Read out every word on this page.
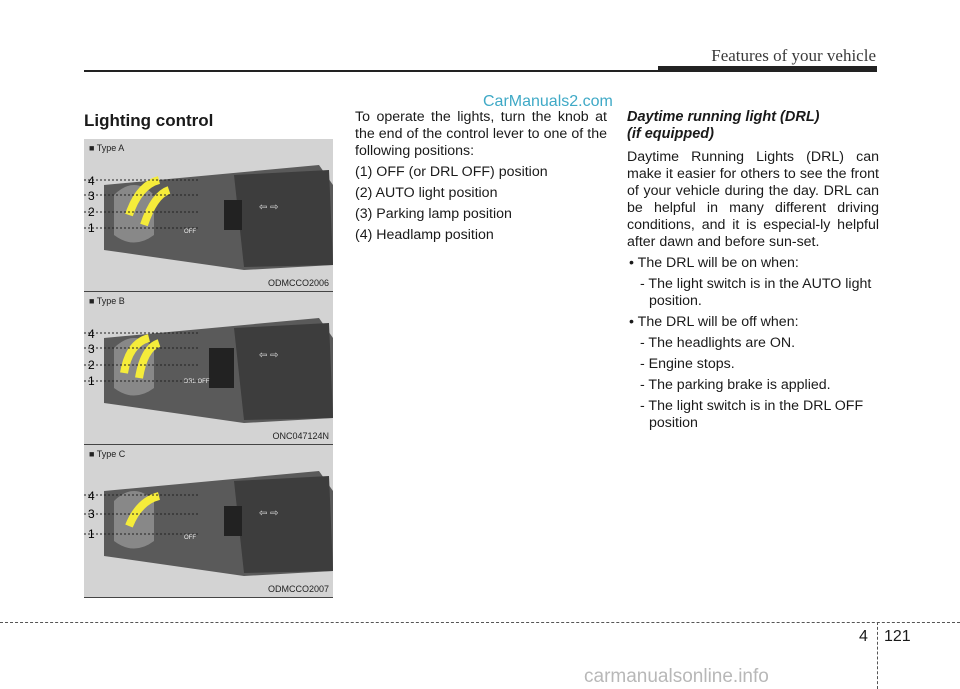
Features of your vehicle
CarManuals2.com
Lighting control
■ Type A
⇦ ⇨
OFF
4
3
2
1
ODMCCO2006
■ Type B
⇦ ⇨
DRL OFF
4
3
2
1
ONC047124N
■ Type C
⇦ ⇨
OFF
4
3
1
ODMCCO2007

To operate the lights, turn the knob at the end of the control lever to one of the following positions:

(1) OFF (or DRL OFF) position

(2) AUTO light position

(3) Parking lamp position

(4) Headlamp position

Daytime running light (DRL)
(if equipped)

Daytime Running Lights (DRL) can make it easier for others to see the front of your vehicle during the day. DRL can be helpful in many different driving conditions, and it is especial-ly helpful after dawn and before sun-set.

• The DRL will be on when:

- The light switch is in the AUTO light position.

• The DRL will be off when:

- The headlights are ON.

- Engine stops.

- The parking brake is applied.

- The light switch is in the DRL OFF position

4 121
carmanualsonline.info
